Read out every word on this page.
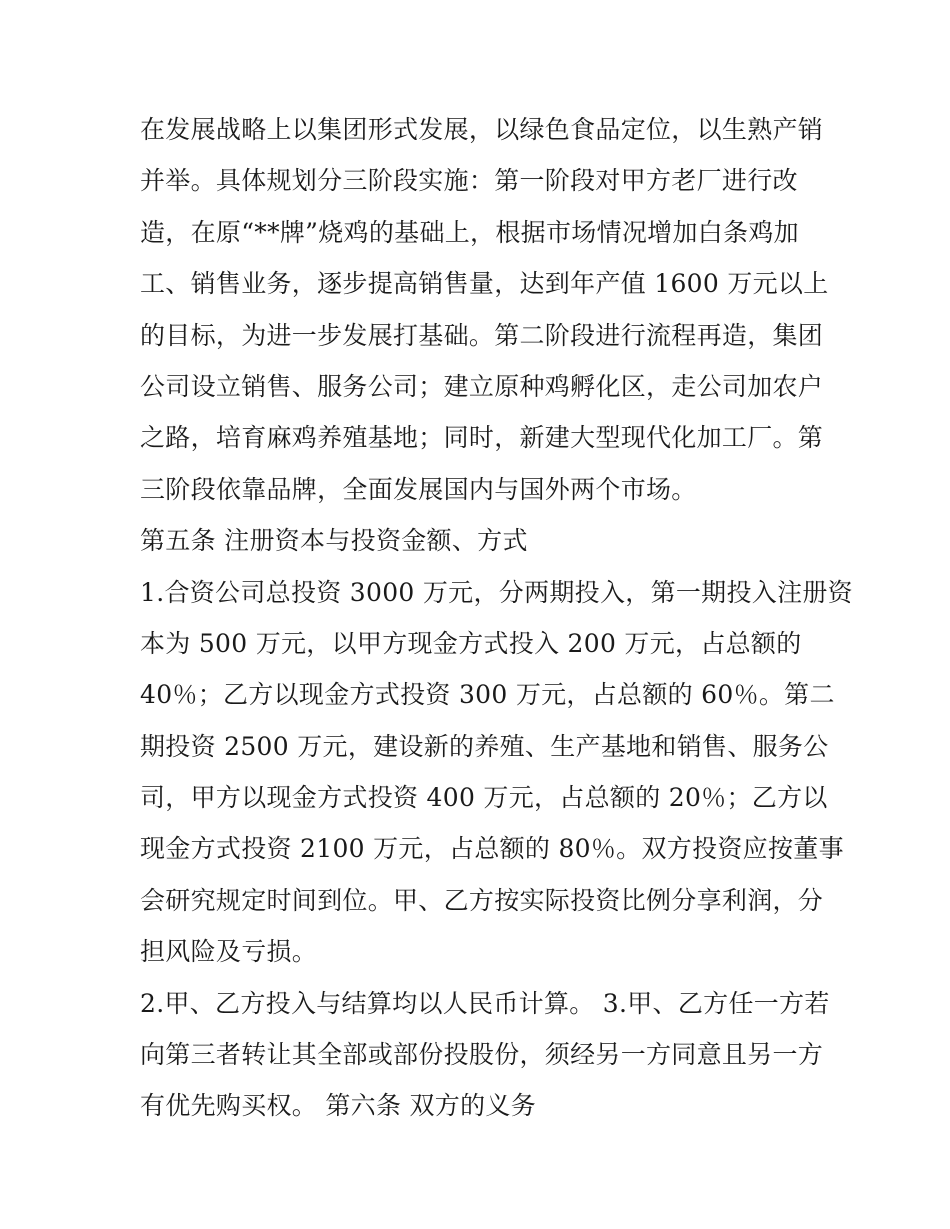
在发展战略上以集团形式发展，以绿色食品定位，以生熟产销
并举。具体规划分三阶段实施：第一阶段对甲方老厂进行改
造，在原“**牌”烧鸡的基础上，根据市场情况增加白条鸡加
工、销售业务，逐步提高销售量，达到年产值 1600 万元以上
的目标，为进一步发展打基础。第二阶段进行流程再造，集团
公司设立销售、服务公司；建立原种鸡孵化区，走公司加农户
之路，培育麻鸡养殖基地；同时，新建大型现代化加工厂。第
三阶段依靠品牌，全面发展国内与国外两个市场。
第五条 注册资本与投资金额、方式
1.合资公司总投资 3000 万元，分两期投入，第一期投入注册资
本为 500 万元，以甲方现金方式投入 200 万元，占总额的
40％；乙方以现金方式投资 300 万元，占总额的 60％。第二
期投资 2500 万元，建设新的养殖、生产基地和销售、服务公
司，甲方以现金方式投资 400 万元，占总额的 20％；乙方以
现金方式投资 2100 万元，占总额的 80％。双方投资应按董事
会研究规定时间到位。甲、乙方按实际投资比例分享利润，分
担风险及亏损。
2.甲、乙方投入与结算均以人民币计算。 3.甲、乙方任一方若
向第三者转让其全部或部份投股份，须经另一方同意且另一方
有优先购买权。 第六条 双方的义务
